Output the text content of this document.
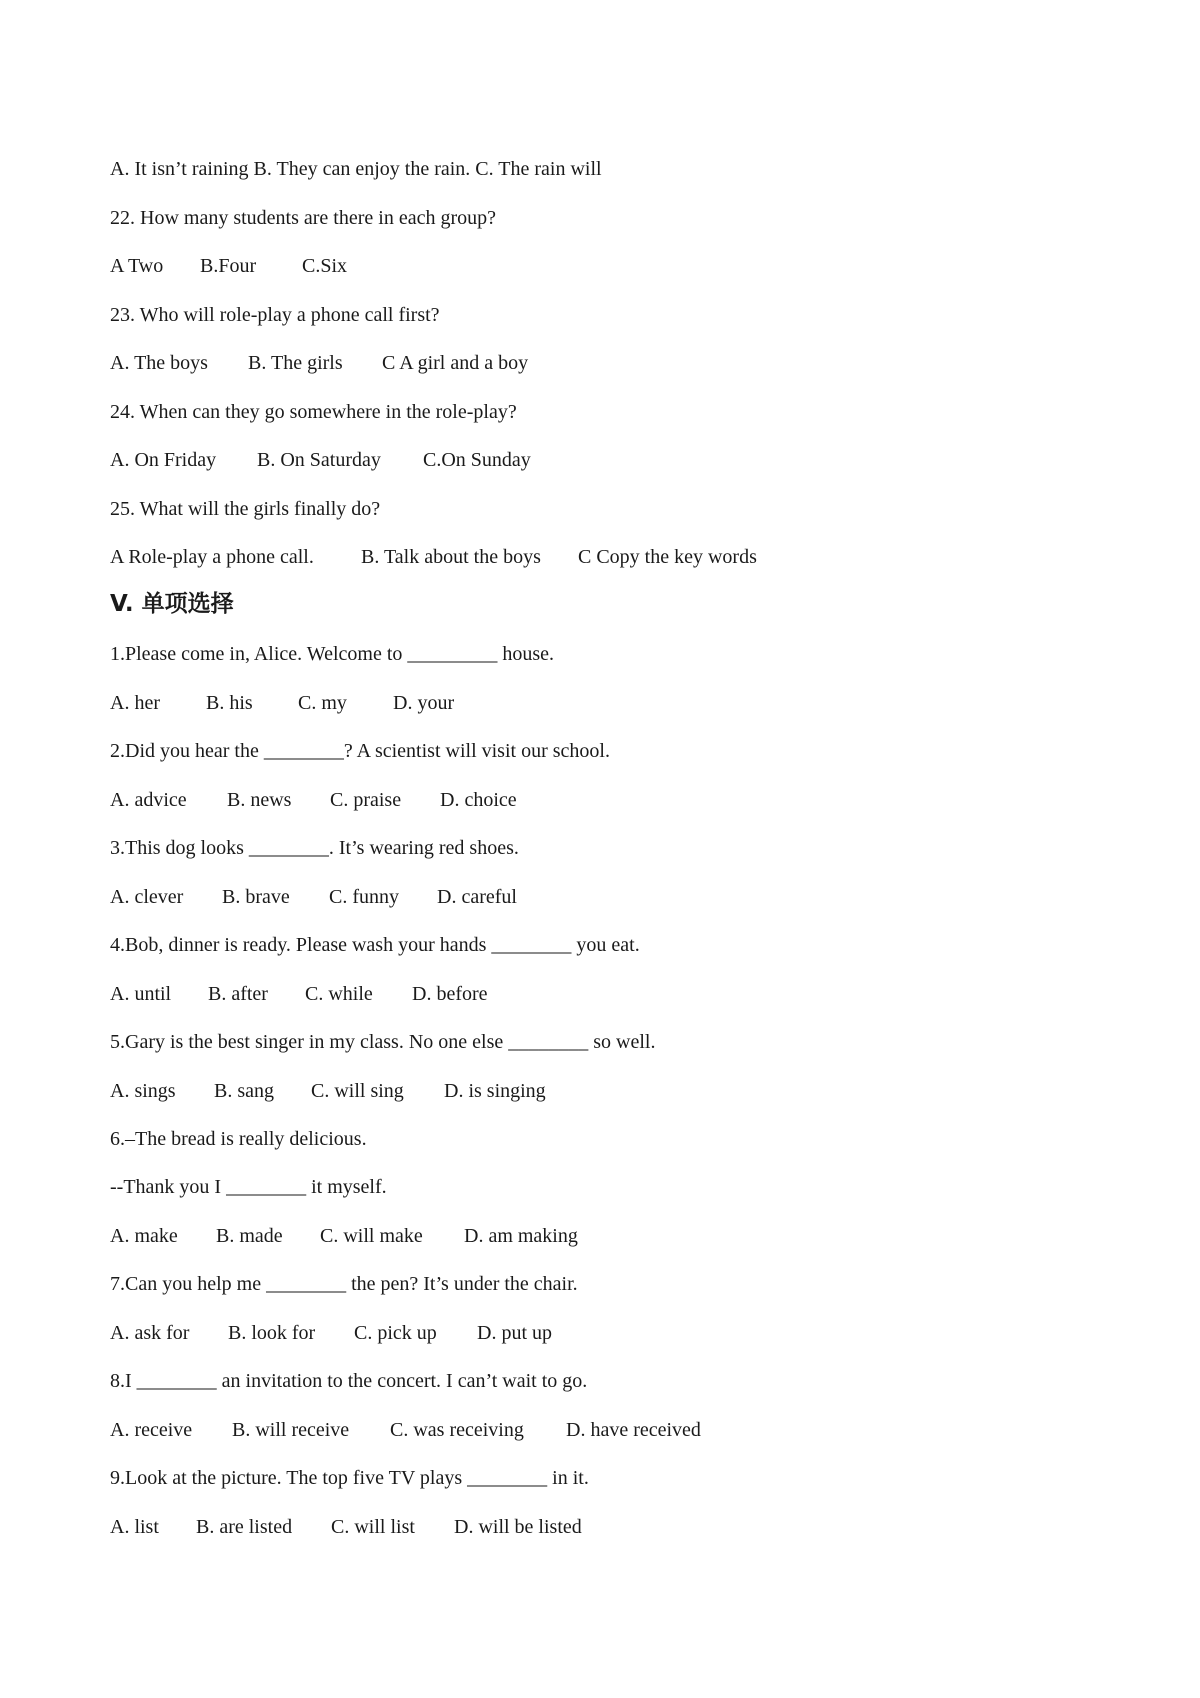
A. It isn’t raining B. They can enjoy the rain. C. The rain will
22. How many students are there in each group?
A Two B.Four C.Six
23. Who will role-play a phone call first?
A. The boys B. The girls C A girl and a boy
24. When can they go somewhere in the role-play?
A. On Friday B. On Saturday C.On Sunday
25. What will the girls finally do?
A Role-play a phone call. B. Talk about the boys C Copy the key words
V. 单项选择
1.Please come in, Alice. Welcome to _________ house.
A. her B. his C. my D. your
2.Did you hear the ________? A scientist will visit our school.
A. advice B. news C. praise D. choice
3.This dog looks ________. It’s wearing red shoes.
A. clever B. brave C. funny D. careful
4.Bob, dinner is ready. Please wash your hands ________ you eat.
A. until B. after C. while D. before
5.Gary is the best singer in my class. No one else ________ so well.
A. sings B. sang C. will sing D. is singing
6.–The bread is really delicious.
--Thank you I ________ it myself.
A. make B. made C. will make D. am making
7.Can you help me ________ the pen? It’s under the chair.
A. ask for B. look for C. pick up D. put up
8.I ________ an invitation to the concert. I can’t wait to go.
A. receive B. will receive C. was receiving D. have received
9.Look at the picture. The top five TV plays ________ in it.
A. list B. are listed C. will list D. will be listed
